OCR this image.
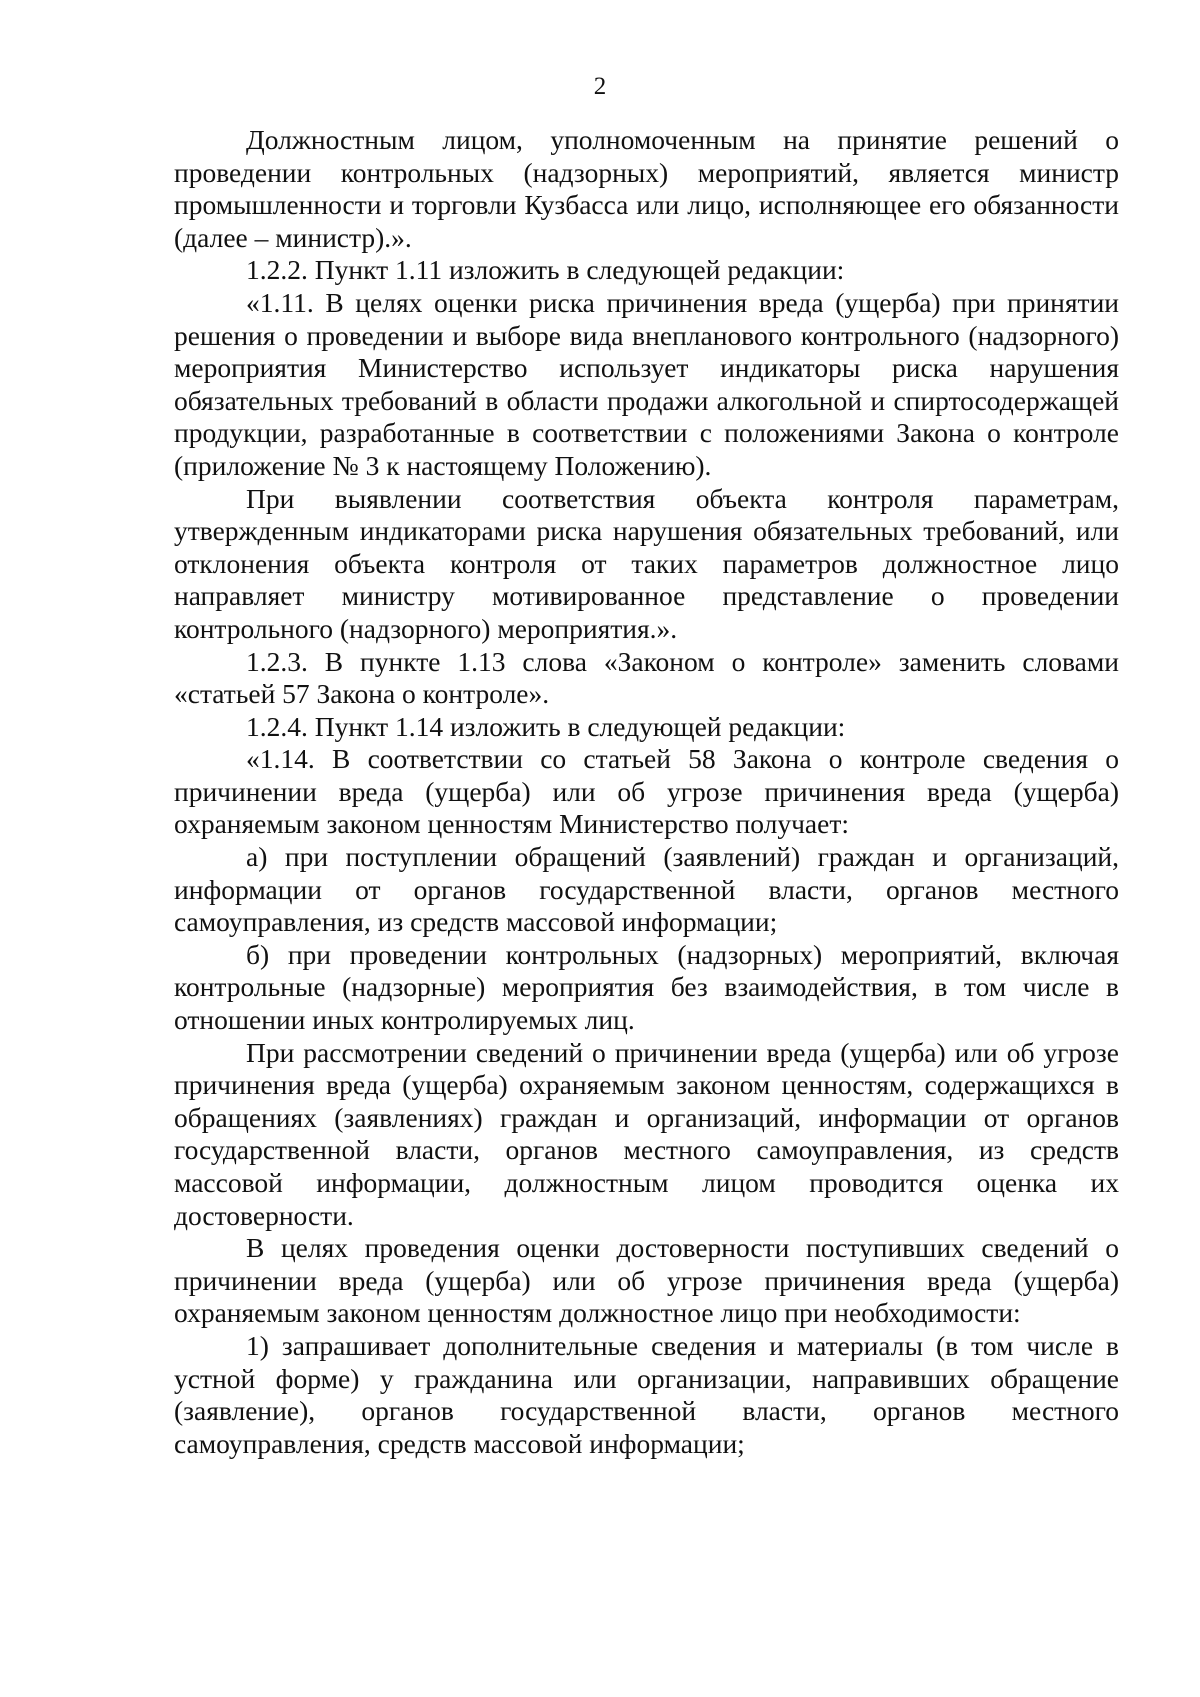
2

Должностным лицом, уполномоченным на принятие решений о проведении контрольных (надзорных) мероприятий, является министр промышленности и торговли Кузбасса или лицо, исполняющее его обязанности (далее – министр).».

1.2.2. Пункт 1.11 изложить в следующей редакции:

«1.11. В целях оценки риска причинения вреда (ущерба) при принятии решения о проведении и выборе вида внепланового контрольного (надзорного) мероприятия Министерство использует индикаторы риска нарушения обязательных требований в области продажи алкогольной и спиртосодержащей продукции, разработанные в соответствии с положениями Закона о контроле (приложение № 3 к настоящему Положению).

При выявлении соответствия объекта контроля параметрам, утвержденным индикаторами риска нарушения обязательных требований, или отклонения объекта контроля от таких параметров должностное лицо направляет министру мотивированное представление о проведении контрольного (надзорного) мероприятия.».

1.2.3. В пункте 1.13 слова «Законом о контроле» заменить словами «статьей 57 Закона о контроле».

1.2.4. Пункт 1.14 изложить в следующей редакции:

«1.14. В соответствии со статьей 58 Закона о контроле сведения о причинении вреда (ущерба) или об угрозе причинения вреда (ущерба) охраняемым законом ценностям Министерство получает:

а) при поступлении обращений (заявлений) граждан и организаций, информации от органов государственной власти, органов местного самоуправления, из средств массовой информации;

б) при проведении контрольных (надзорных) мероприятий, включая контрольные (надзорные) мероприятия без взаимодействия, в том числе в отношении иных контролируемых лиц.

При рассмотрении сведений о причинении вреда (ущерба) или об угрозе причинения вреда (ущерба) охраняемым законом ценностям, содержащихся в обращениях (заявлениях) граждан и организаций, информации от органов государственной власти, органов местного самоуправления, из средств массовой информации, должностным лицом проводится оценка их достоверности.

В целях проведения оценки достоверности поступивших сведений о причинении вреда (ущерба) или об угрозе причинения вреда (ущерба) охраняемым законом ценностям должностное лицо при необходимости:

1) запрашивает дополнительные сведения и материалы (в том числе в устной форме) у гражданина или организации, направивших обращение (заявление), органов государственной власти, органов местного самоуправления, средств массовой информации;
